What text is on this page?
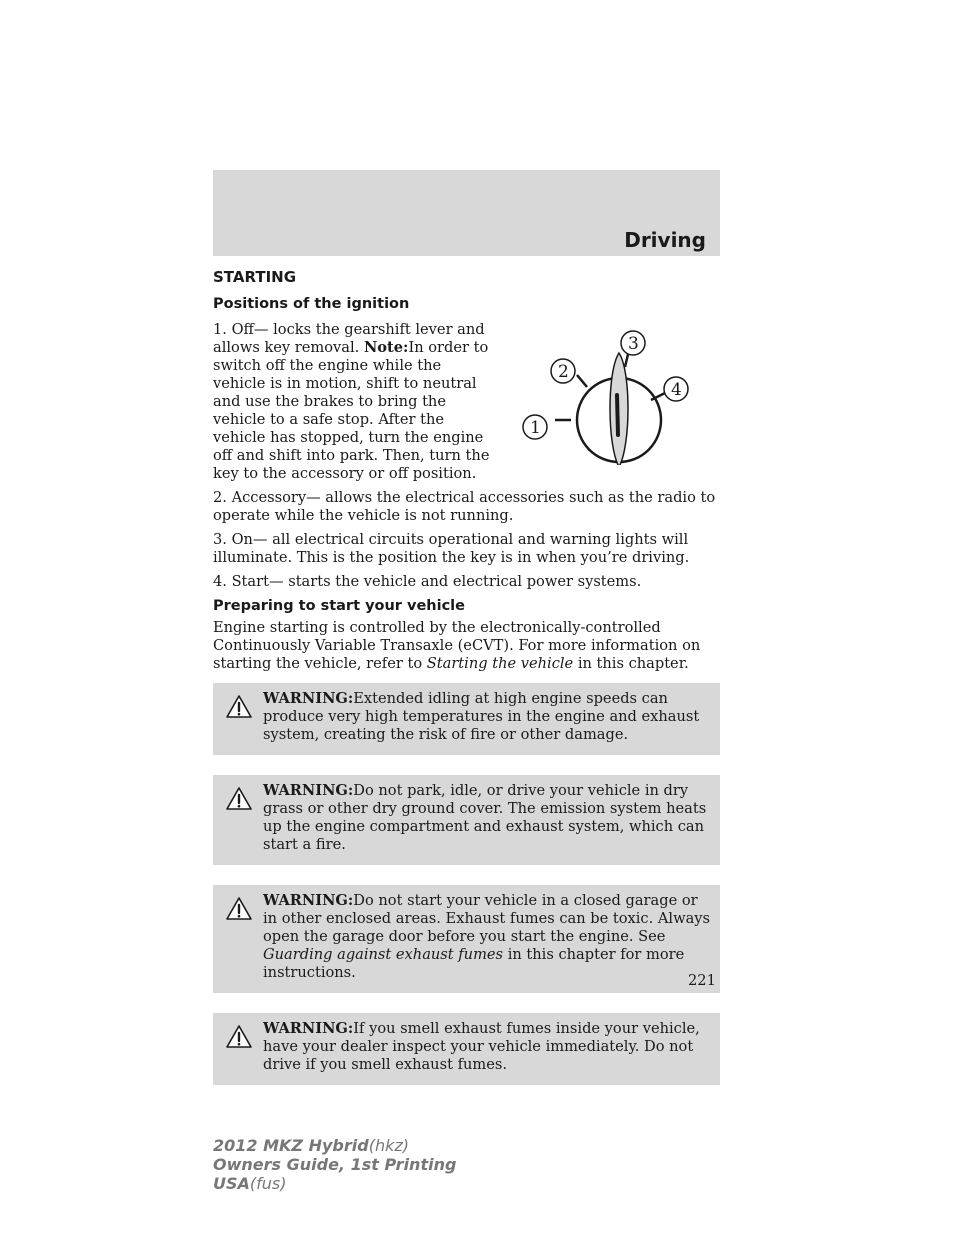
Driving
STARTING
Positions of the ignition
1. Off— locks the gearshift lever and allows key removal. Note:In order to switch off the engine while the vehicle is in motion, shift to neutral and use the brakes to bring the vehicle to a safe stop. After the vehicle has stopped, turn the engine off and shift into park. Then, turn the key to the accessory or off position.
1
2
3
4

2. Accessory— allows the electrical accessories such as the radio to operate while the vehicle is not running.

3. On— all electrical circuits operational and warning lights will illuminate. This is the position the key is in when you’re driving.

4. Start— starts the vehicle and electrical power systems.

Preparing to start your vehicle

Engine starting is controlled by the electronically-controlled Continuously Variable Transaxle (eCVT). For more information on starting the vehicle, refer to Starting the vehicle in this chapter.

WARNING:Extended idling at high engine speeds can produce very high temperatures in the engine and exhaust system, creating the risk of fire or other damage.
WARNING:Do not park, idle, or drive your vehicle in dry grass or other dry ground cover. The emission system heats up the engine compartment and exhaust system, which can start a fire.
WARNING:Do not start your vehicle in a closed garage or in other enclosed areas. Exhaust fumes can be toxic. Always open the garage door before you start the engine. See Guarding against exhaust fumes in this chapter for more instructions.
WARNING:If you smell exhaust fumes inside your vehicle, have your dealer inspect your vehicle immediately. Do not drive if you smell exhaust fumes.
221
2012 MKZ Hybrid(hkz)
Owners Guide, 1st Printing
USA(fus)
